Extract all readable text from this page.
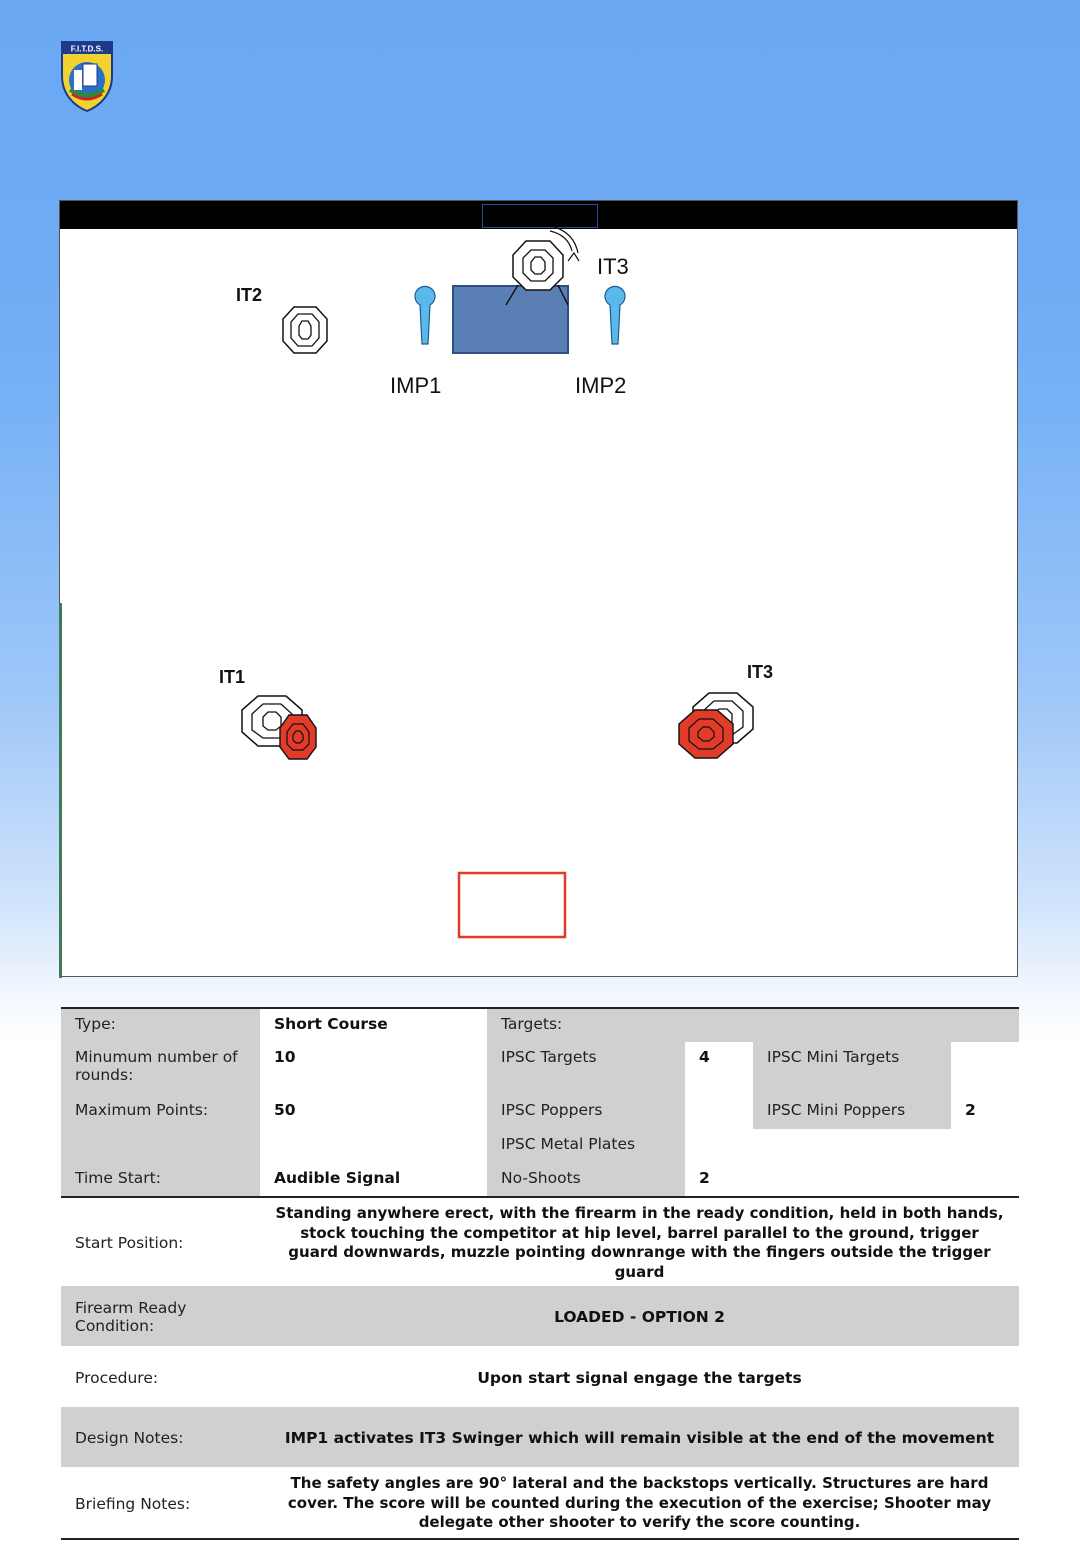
F.I.T.D.S.
IT2
IT3
IMP1	IMP2
IT1	IT3
Type:	Short Course	Targets:			
Minumum number of rounds:	10	IPSC Targets	4	IPSC Mini Targets	
Maximum Points:	50	IPSC Poppers		IPSC Mini Poppers	2
		IPSC Metal Plates			
Time Start:	Audible Signal	No-Shoots	2		
Start Position:	Standing anywhere erect, with the firearm in the ready condition, held in both hands, stock touching the competitor at hip level, barrel parallel to the ground, trigger guard downwards, muzzle pointing downrange with the fingers outside the trigger guard				
Firearm Ready Condition:	LOADED - OPTION 2				
Procedure:	Upon start signal engage the targets				
Design Notes:	IMP1 activates IT3 Swinger which will remain visible at the end of the movement				
Briefing Notes:	The safety angles are 90° lateral and the backstops vertically. Structures are hard cover. The score will be counted during the execution of the exercise; Shooter may delegate other shooter to verify the score counting.				
